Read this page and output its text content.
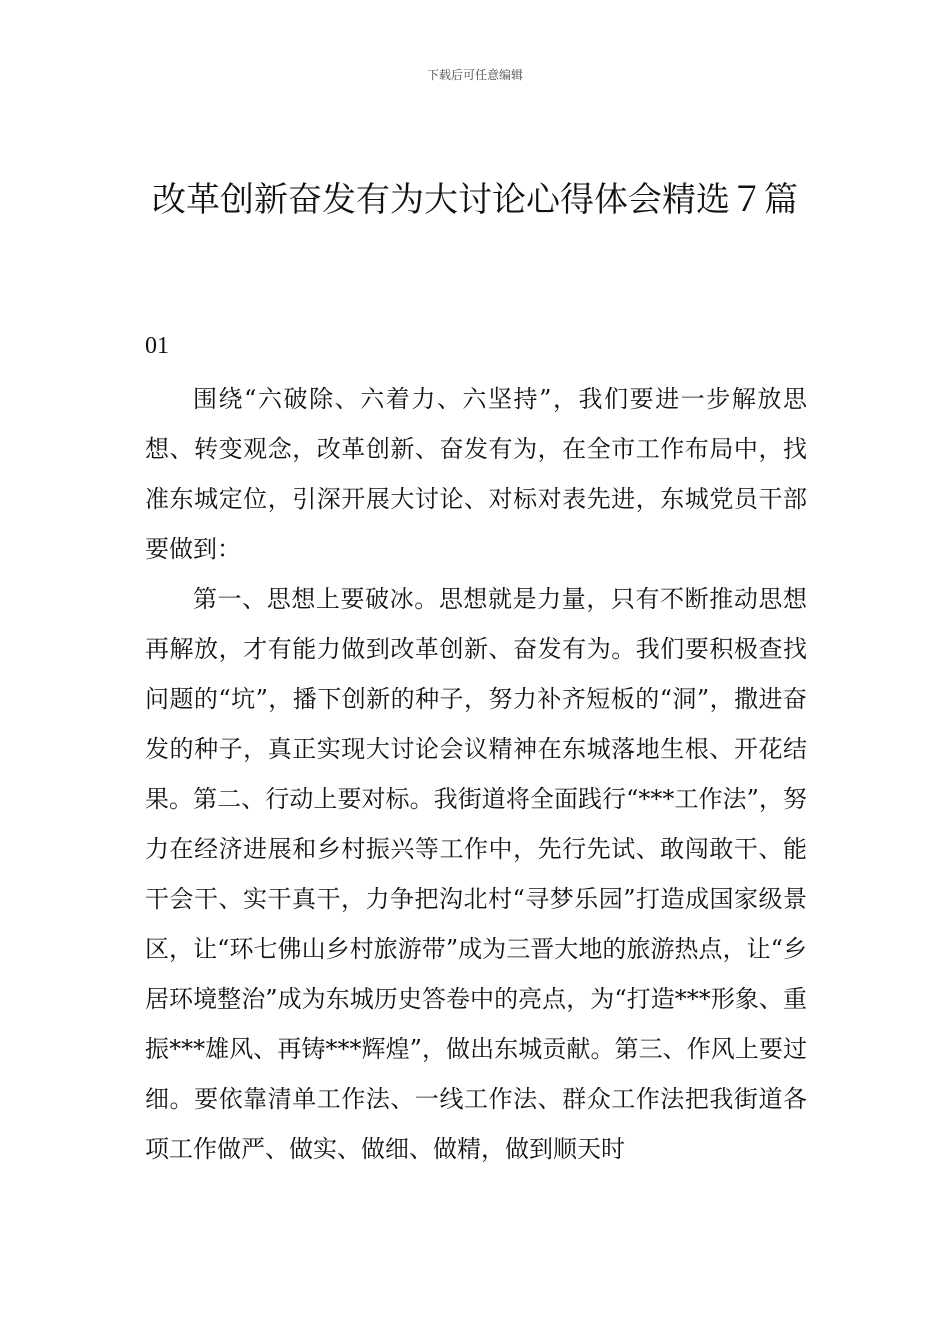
下载后可任意编辑
改革创新奋发有为大讨论心得体会精选７篇
01

围绕“六破除、六着力、六坚持”，我们要进一步解放思想、转变观念，改革创新、奋发有为，在全市工作布局中，找准东城定位，引深开展大讨论、对标对表先进，东城党员干部要做到：

第一、思想上要破冰。思想就是力量，只有不断推动思想再解放，才有能力做到改革创新、奋发有为。我们要积极查找问题的“坑”，播下创新的种子，努力补齐短板的“洞”，撒进奋发的种子，真正实现大讨论会议精神在东城落地生根、开花结果。第二、行动上要对标。我街道将全面践行“***工作法”，努力在经济进展和乡村振兴等工作中，先行先试、敢闯敢干、能干会干、实干真干，力争把沟北村“寻梦乐园”打造成国家级景区，让“环七佛山乡村旅游带”成为三晋大地的旅游热点，让“乡居环境整治”成为东城历史答卷中的亮点，为“打造***形象、重振***雄风、再铸***辉煌”，做出东城贡献。第三、作风上要过细。要依靠清单工作法、一线工作法、群众工作法把我街道各项工作做严、做实、做细、做精，做到顺天时
